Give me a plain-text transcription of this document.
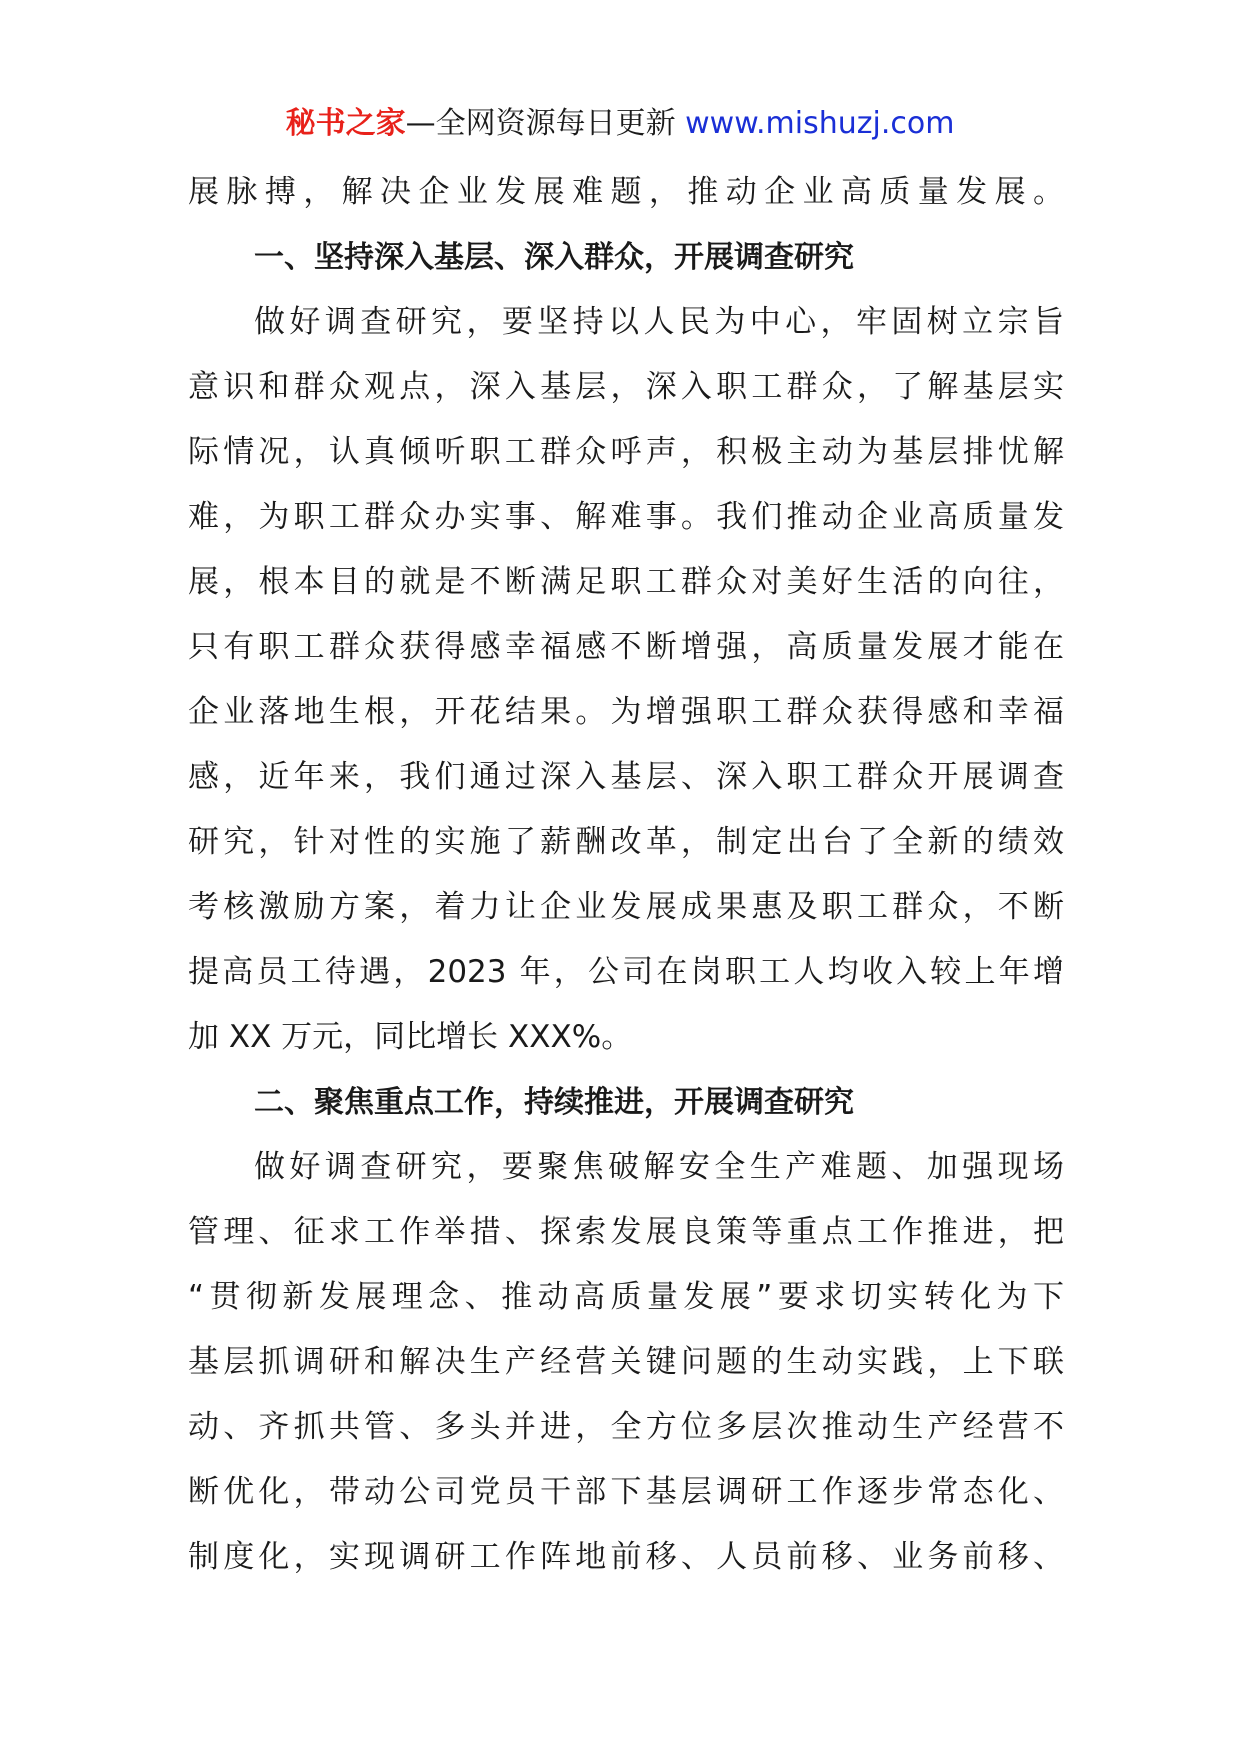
秘书之家—全网资源每日更新 www.mishuzj.com
展脉搏，解决企业发展难题，推动企业高质量发展。
一、坚持深入基层、深入群众，开展调查研究
做好调查研究，要坚持以人民为中心，牢固树立宗旨
意识和群众观点，深入基层，深入职工群众，了解基层实
际情况，认真倾听职工群众呼声，积极主动为基层排忧解
难，为职工群众办实事、解难事。我们推动企业高质量发
展，根本目的就是不断满足职工群众对美好生活的向往，
只有职工群众获得感幸福感不断增强，高质量发展才能在
企业落地生根，开花结果。为增强职工群众获得感和幸福
感，近年来，我们通过深入基层、深入职工群众开展调查
研究，针对性的实施了薪酬改革，制定出台了全新的绩效
考核激励方案，着力让企业发展成果惠及职工群众，不断
提高员工待遇，2023 年，公司在岗职工人均收入较上年增
加 XX 万元，同比增长 XXX%。
二、聚焦重点工作，持续推进，开展调查研究
做好调查研究，要聚焦破解安全生产难题、加强现场
管理、征求工作举措、探索发展良策等重点工作推进，把
“贯彻新发展理念、推动高质量发展”要求切实转化为下
基层抓调研和解决生产经营关键问题的生动实践，上下联
动、齐抓共管、多头并进，全方位多层次推动生产经营不
断优化，带动公司党员干部下基层调研工作逐步常态化、
制度化，实现调研工作阵地前移、人员前移、业务前移、
